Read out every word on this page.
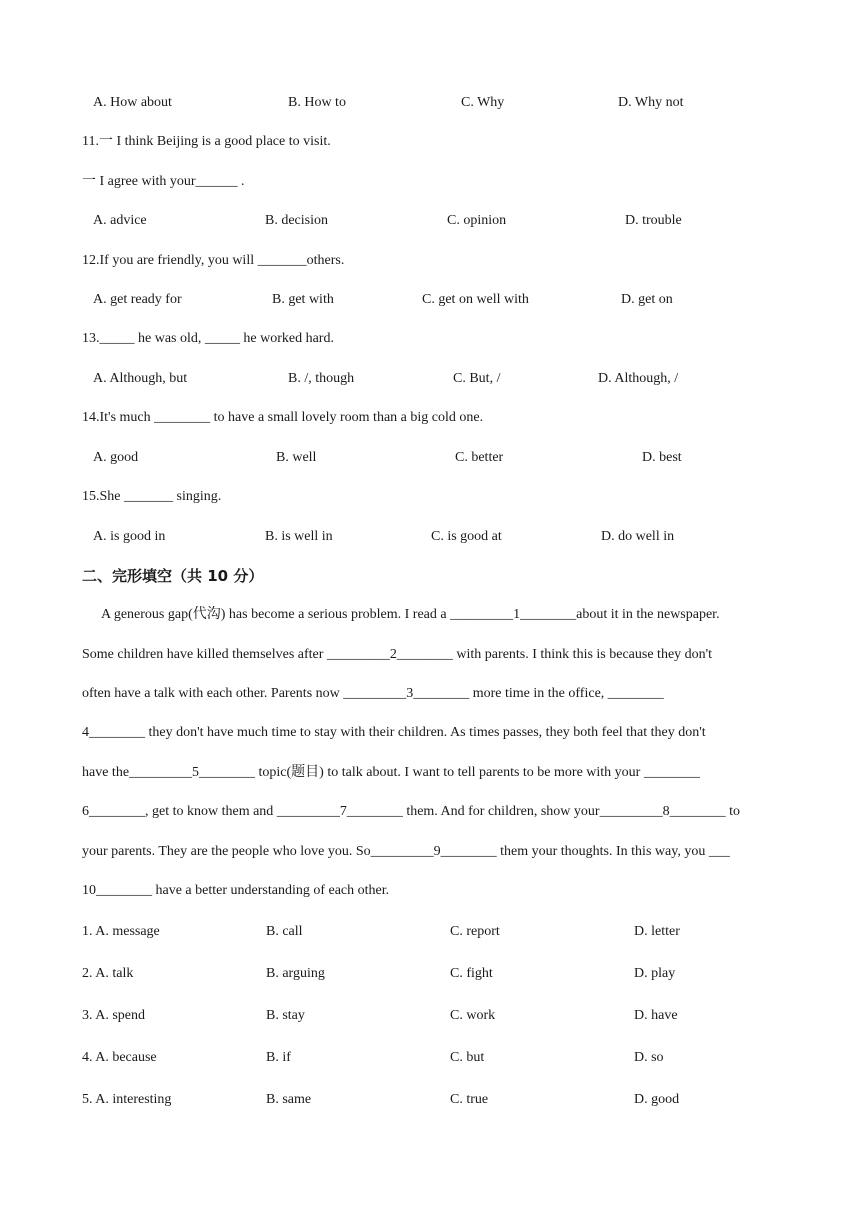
A. How about	B. How to	C. Why	D. Why not
11.一 I think Beijing is a good place to visit.
一 I agree with your______ .
A. advice	B. decision	C. opinion	D. trouble
12.If you are friendly, you will _______others.
A. get ready for	B. get with	C. get on well with	D. get on
13._____ he was old, _____ he worked hard.
A. Although, but	B. /, though	C. But, /	D. Although, /
14.It's much ________ to have a small lovely room than a big cold one.
A. good	B. well	C. better	D. best
15.She _______ singing.
A. is good in	B. is well in	C. is good at	D. do well in
二、完形填空（共 10 分）
A generous gap(代沟) has become a serious problem. I read a _________1________about it in the newspaper.
Some children have killed themselves after _________2________ with parents. I think this is because they don't
often have a talk with each other. Parents now _________3________ more time in the office, ________
4________ they don't have much time to stay with their children. As times passes, they both feel that they don't
have the_________5________ topic(题目) to talk about. I want to tell parents to be more with your ________
6________, get to know them and _________7________ them. And for children, show your_________8________ to
your parents. They are the people who love you. So_________9________ them your thoughts. In this way, you ___
10________ have a better understanding of each other.
1. A. message	B. call	C. report	D. letter
2. A. talk	B. arguing	C. fight	D. play
3. A. spend	B. stay	C. work	D. have
4. A. because	B. if	C. but	D. so
5. A. interesting	B. same	C. true	D. good
